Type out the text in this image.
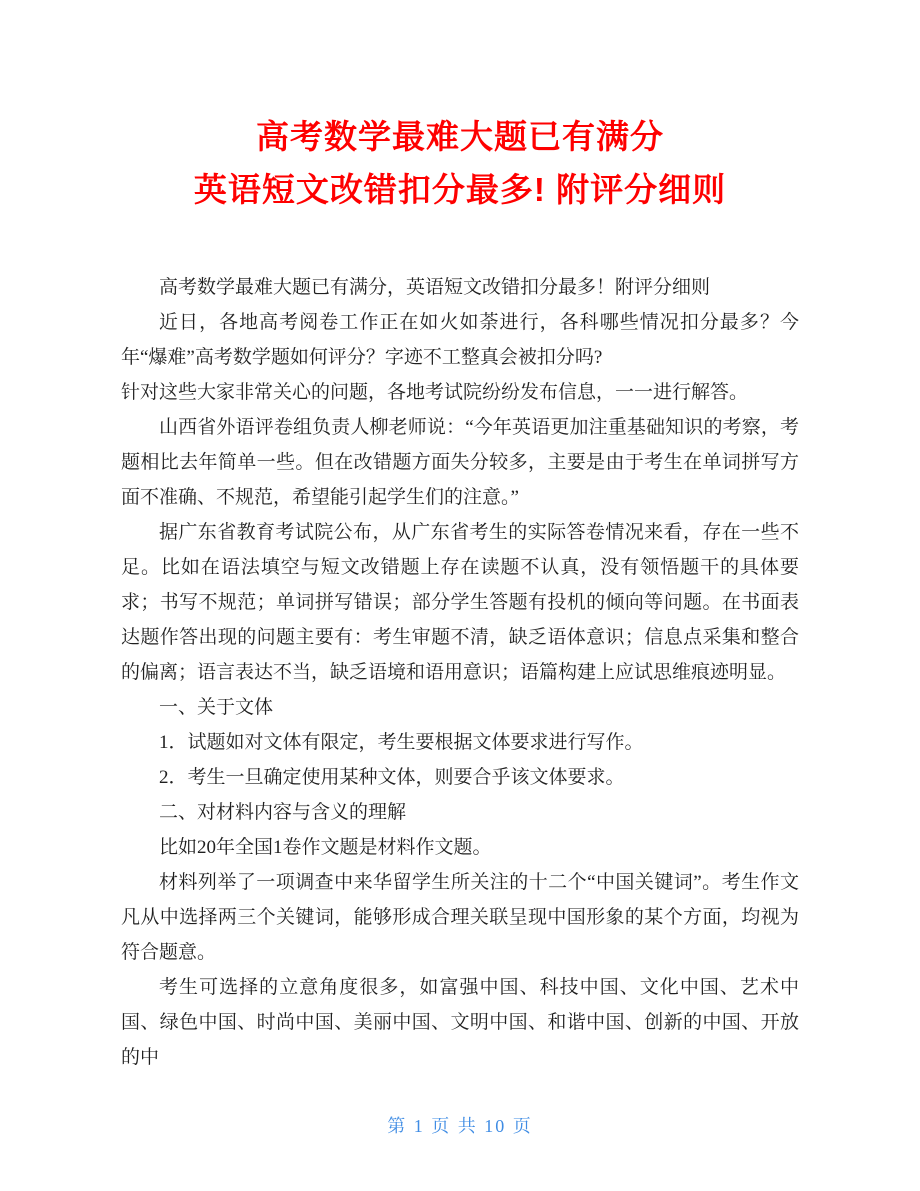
高考数学最难大题已有满分
英语短文改错扣分最多! 附评分细则

高考数学最难大题已有满分，英语短文改错扣分最多！附评分细则

近日，各地高考阅卷工作正在如火如荼进行，各科哪些情况扣分最多？今年“爆难”高考数学题如何评分？字迹不工整真会被扣分吗?

针对这些大家非常关心的问题，各地考试院纷纷发布信息，一一进行解答。

山西省外语评卷组负责人柳老师说：“今年英语更加注重基础知识的考察，考题相比去年简单一些。但在改错题方面失分较多，主要是由于考生在单词拼写方面不准确、不规范，希望能引起学生们的注意。”

据广东省教育考试院公布，从广东省考生的实际答卷情况来看，存在一些不足。比如在语法填空与短文改错题上存在读题不认真，没有领悟题干的具体要求；书写不规范；单词拼写错误；部分学生答题有投机的倾向等问题。在书面表达题作答出现的问题主要有：考生审题不清，缺乏语体意识；信息点采集和整合的偏离；语言表达不当，缺乏语境和语用意识；语篇构建上应试思维痕迹明显。

一、关于文体

1．试题如对文体有限定，考生要根据文体要求进行写作。

2．考生一旦确定使用某种文体，则要合乎该文体要求。

二、对材料内容与含义的理解

比如20年全国1卷作文题是材料作文题。

材料列举了一项调查中来华留学生所关注的十二个“中国关键词”。考生作文凡从中选择两三个关键词，能够形成合理关联呈现中国形象的某个方面，均视为符合题意。

考生可选择的立意角度很多，如富强中国、科技中国、文化中国、艺术中国、绿色中国、时尚中国、美丽中国、文明中国、和谐中国、创新的中国、开放的中

第 1 页 共 10 页
